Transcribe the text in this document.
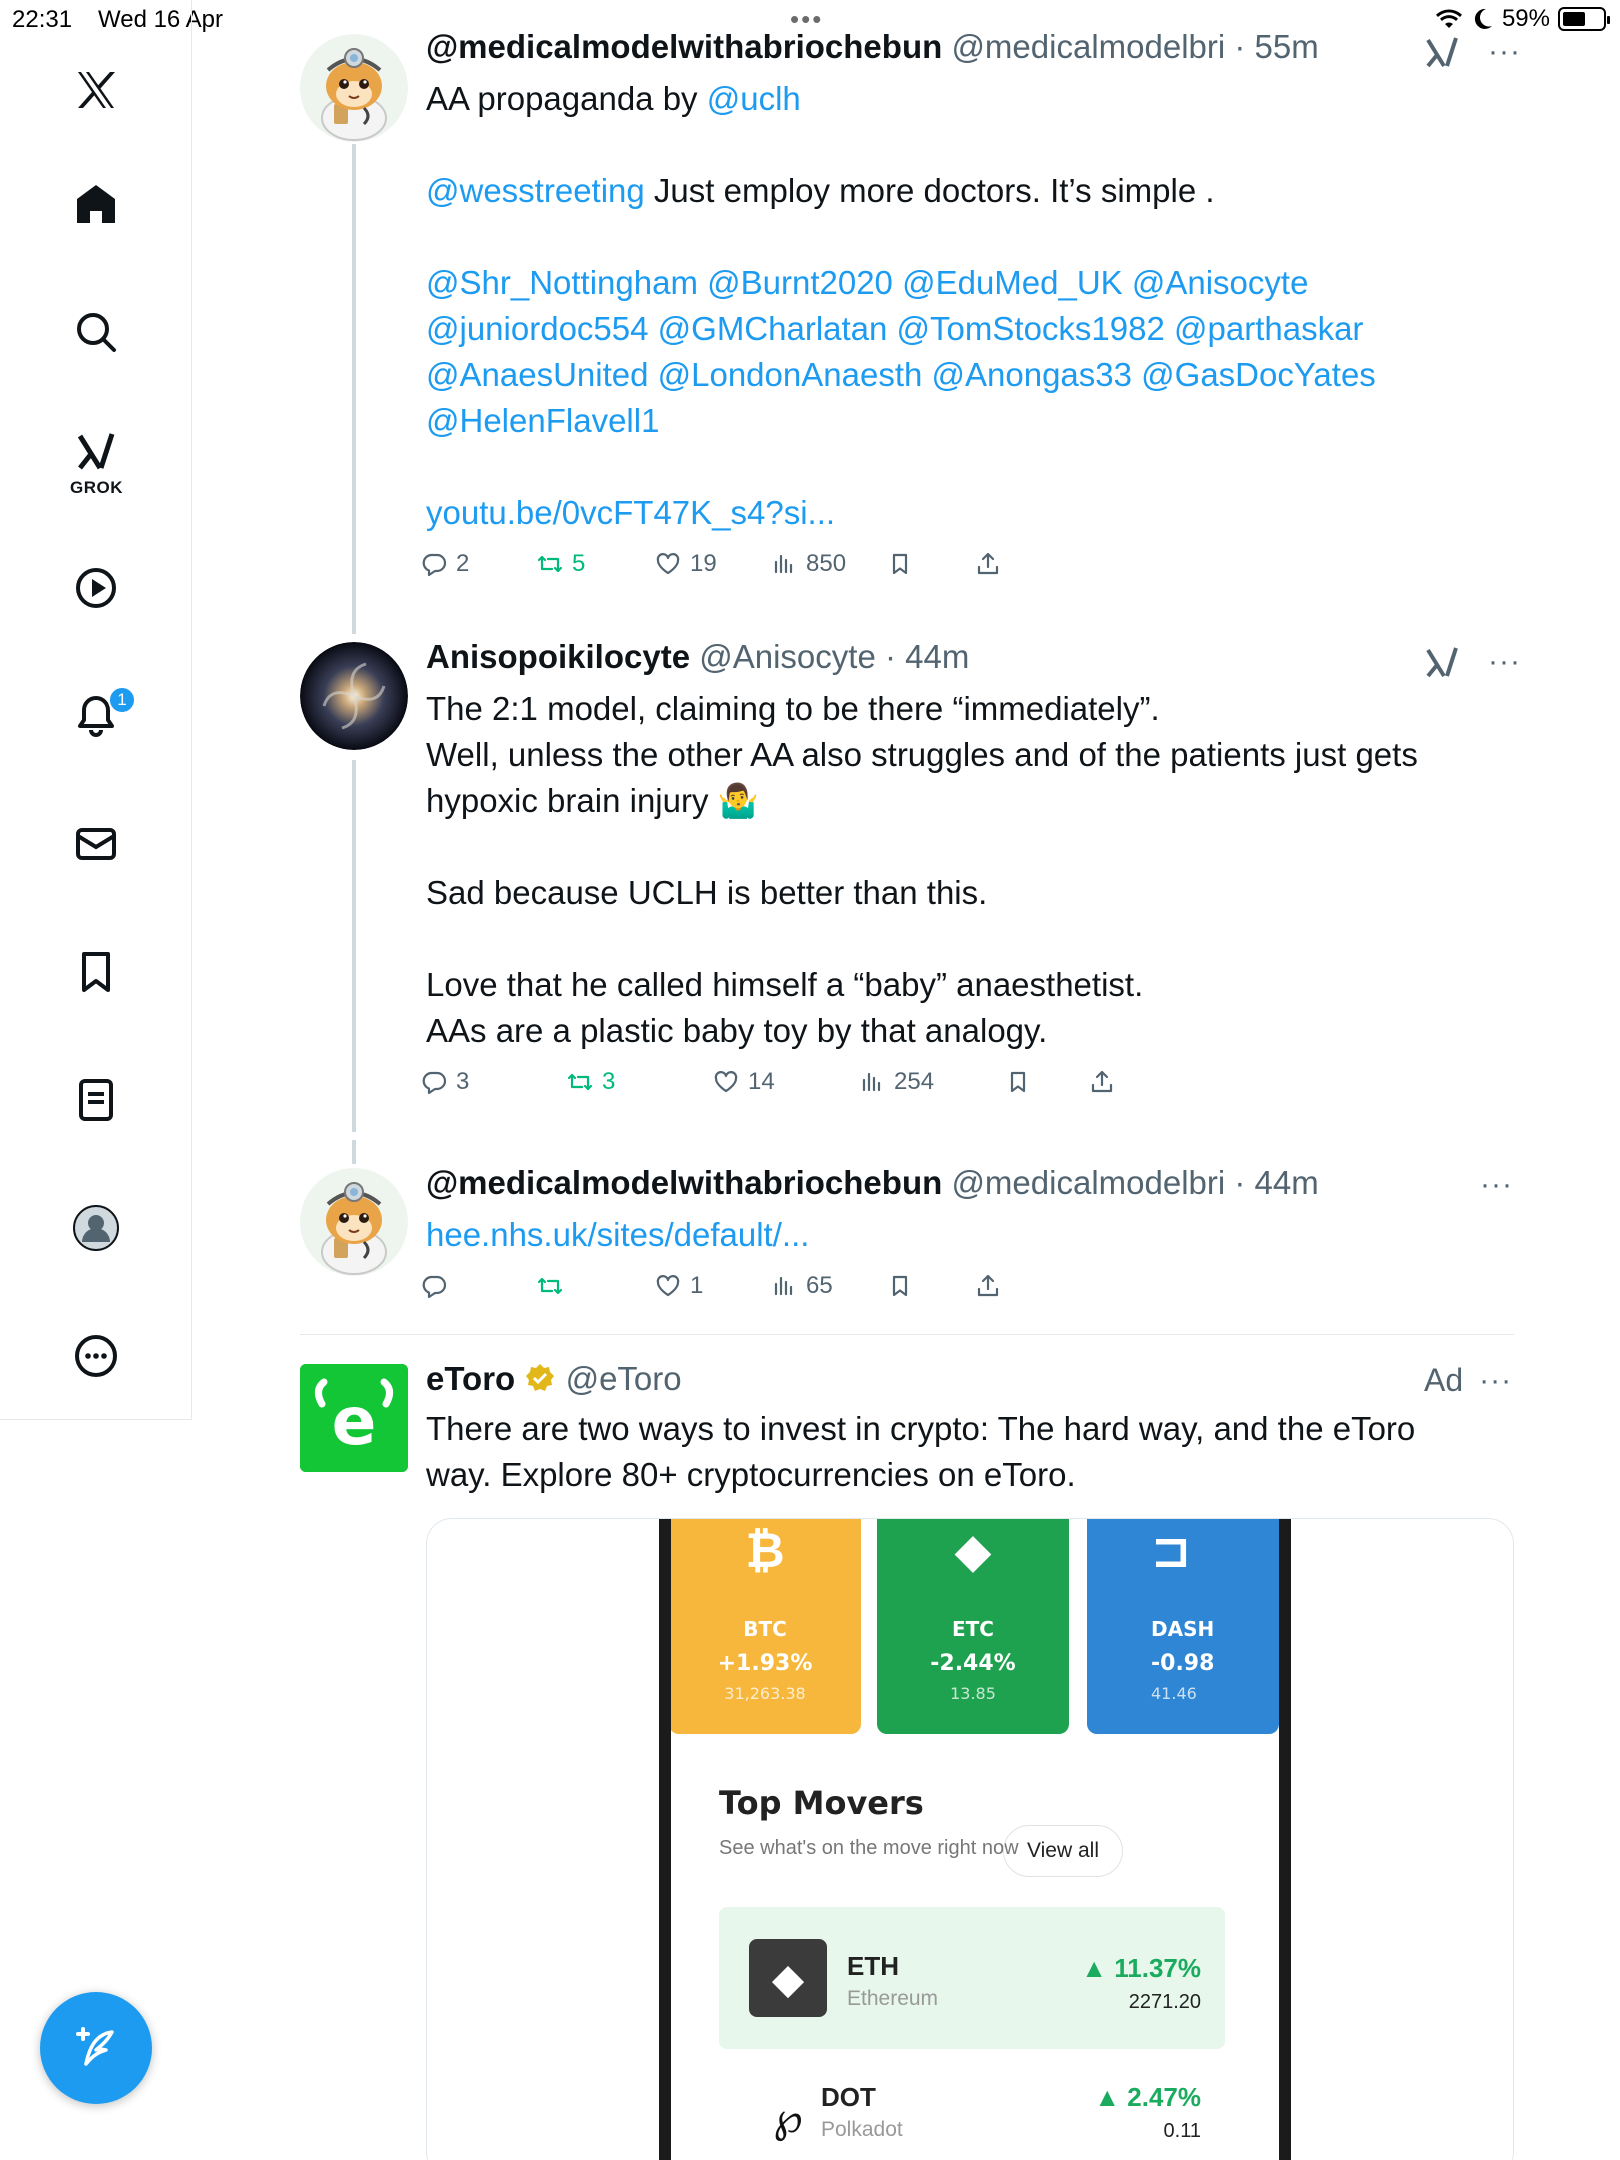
22:31 Wed 16 Apr	•••	59%
GROK
1
@medicalmodelwithabriochebun @medicalmodelbri · 55m	···

AA propaganda by @uclh

@wesstreeting Just employ more doctors. It’s simple .

@Shr_Nottingham @Burnt2020 @EduMed_UK @Anisocyte

@juniordoc554 @GMCharlatan @TomStocks1982 @parthaskar

@AnaesUnited @LondonAnaesth @Anongas33 @GasDocYates

@HelenFlavell1

youtu.be/0vcFT47K_s4?si...

2	5	19	850
Anisopoikilocyte @Anisocyte · 44m	···

The 2:1 model, claiming to be there “immediately”.

Well, unless the other AA also struggles and of the patients just gets

hypoxic brain injury 🤷‍♂️

Sad because UCLH is better than this.

Love that he called himself a “baby” anaesthetist.

AAs are a plastic baby toy by that analogy.

3	3	14	254
@medicalmodelwithabriochebun @medicalmodelbri · 44m	···

hee.nhs.uk/sites/default/...

1	65
e
eToro @eToro	Ad ···

There are two ways to invest in crypto: The hard way, and the eToro

way. Explore 80+ cryptocurrencies on eToro.

₿
BTC
+1.93%
31,263.38
◆
ETC
-2.44%
13.85
⊐
DASH
-0.98
41.46
Top Movers
See what's on the move right now View all
◆	ETH
Ethereum
▲ 11.37%
2271.20
℘ DOT
Polkadot
▲ 2.47%
0.11
